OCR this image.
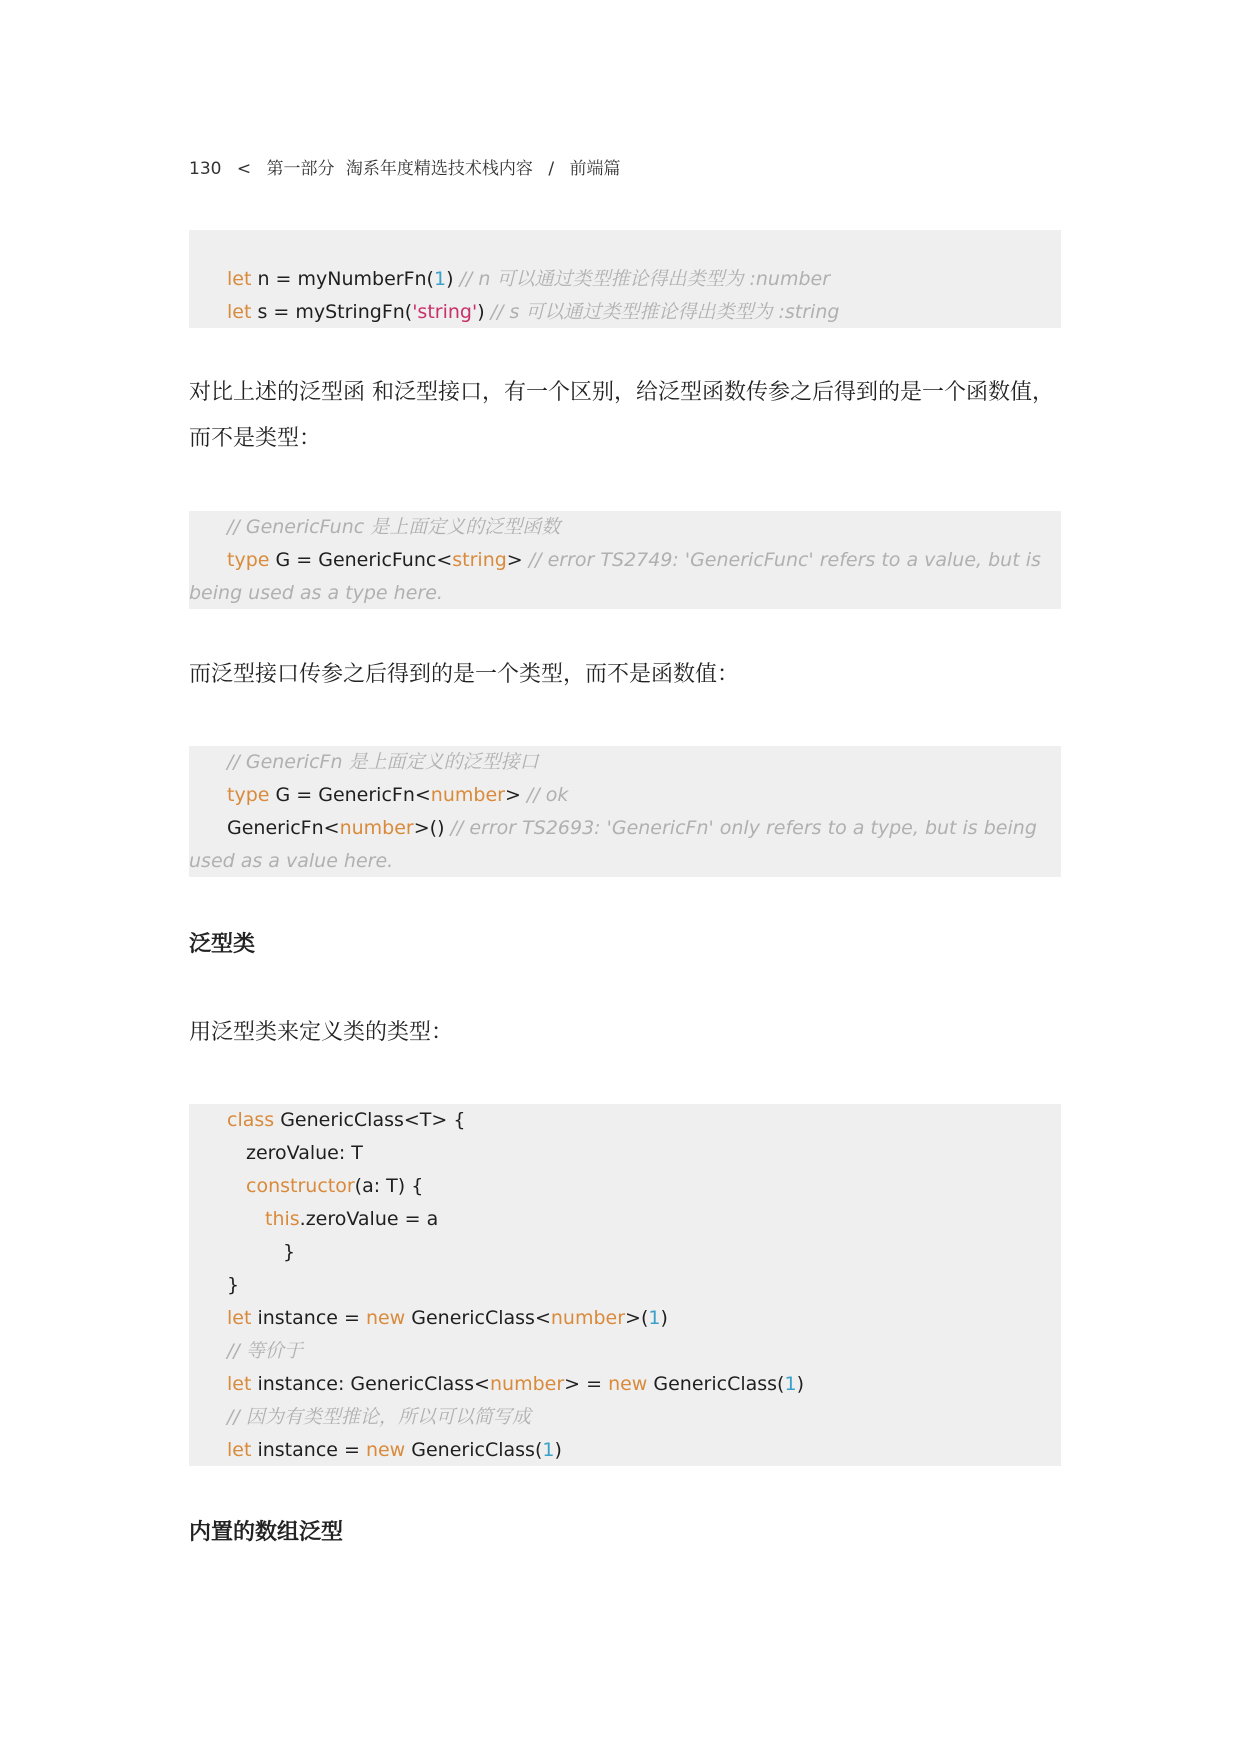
130 < 第一部分 淘系年度精选技术栈内容 / 前端篇
let n = myNumberFn(1) // n 可以通过类型推论得出类型为 :number
let s = myStringFn('string') // s 可以通过类型推论得出类型为 :string
对比上述的泛型函 和泛型接口，有一个区别，给泛型函数传参之后得到的是一个函数值，而不是类型：
// GenericFunc 是上面定义的泛型函数
type G = GenericFunc<string> // error TS2749: 'GenericFunc' refers to a value, but is being used as a type here.
而泛型接口传参之后得到的是一个类型，而不是函数值：
// GenericFn 是上面定义的泛型接口
type G = GenericFn<number> // ok
GenericFn<number>() // error TS2693: 'GenericFn' only refers to a type, but is being used as a value here.
泛型类
用泛型类来定义类的类型：
class GenericClass<T> {
zeroValue: T
constructor(a: T) {
this.zeroValue = a
}
}
let instance = new GenericClass<number>(1)
// 等价于
let instance: GenericClass<number> = new GenericClass(1)
// 因为有类型推论，所以可以简写成
let instance = new GenericClass(1)
内置的数组泛型
